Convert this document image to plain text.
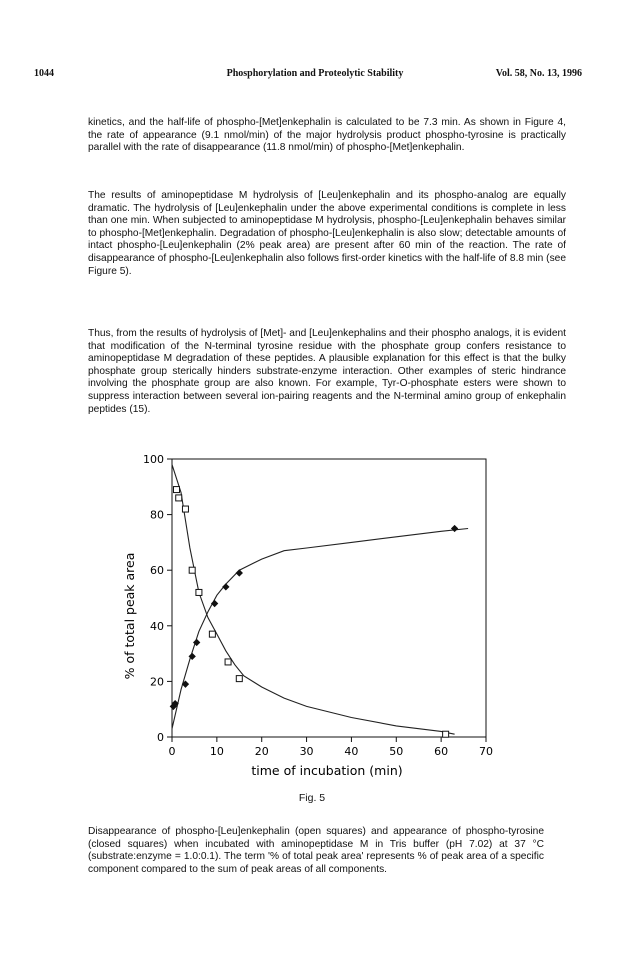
1044	Phosphorylation and Proteolytic Stability	Vol. 58, No. 13, 1996

kinetics, and the half-life of phospho-[Met]enkephalin is calculated to be 7.3 min. As shown in Figure 4, the rate of appearance (9.1 nmol/min) of the major hydrolysis product phospho-tyrosine is practically parallel with the rate of disappearance (11.8 nmol/min) of phospho-[Met]enkephalin.

The results of aminopeptidase M hydrolysis of [Leu]enkephalin and its phospho-analog are equally dramatic. The hydrolysis of [Leu]enkephalin under the above experimental conditions is complete in less than one min. When subjected to aminopeptidase M hydrolysis, phospho-[Leu]enkephalin behaves similar to phospho-[Met]enkephalin. Degradation of phospho-[Leu]enkephalin is also slow; detectable amounts of intact phospho-[Leu]enkephalin (2% peak area) are present after 60 min of the reaction. The rate of disappearance of phospho-[Leu]enkephalin also follows first-order kinetics with the half-life of 8.8 min (see Figure 5).

Thus, from the results of hydrolysis of [Met]- and [Leu]enkephalins and their phospho analogs, it is evident that modification of the N-terminal tyrosine residue with the phosphate group confers resistance to aminopeptidase M degradation of these peptides. A plausible explanation for this effect is that the bulky phosphate group sterically hinders substrate-enzyme interaction. Other examples of steric hindrance involving the phosphate group are also known. For example, Tyr-O-phosphate esters were shown to suppress interaction between several ion-pairing reagents and the N-terminal amino group of enkephalin peptides (15).

0
20
40
60
80
100
0	10	20	30	40	50	60	70
time of incubation (min)
% of total peak area
Fig. 5

Disappearance of phospho-[Leu]enkephalin (open squares) and appearance of phospho-tyrosine (closed squares) when incubated with aminopeptidase M in Tris buffer (pH 7.02) at 37 °C (substrate:enzyme = 1.0:0.1). The term '% of total peak area' represents % of peak area of a specific component compared to the sum of peak areas of all components.
